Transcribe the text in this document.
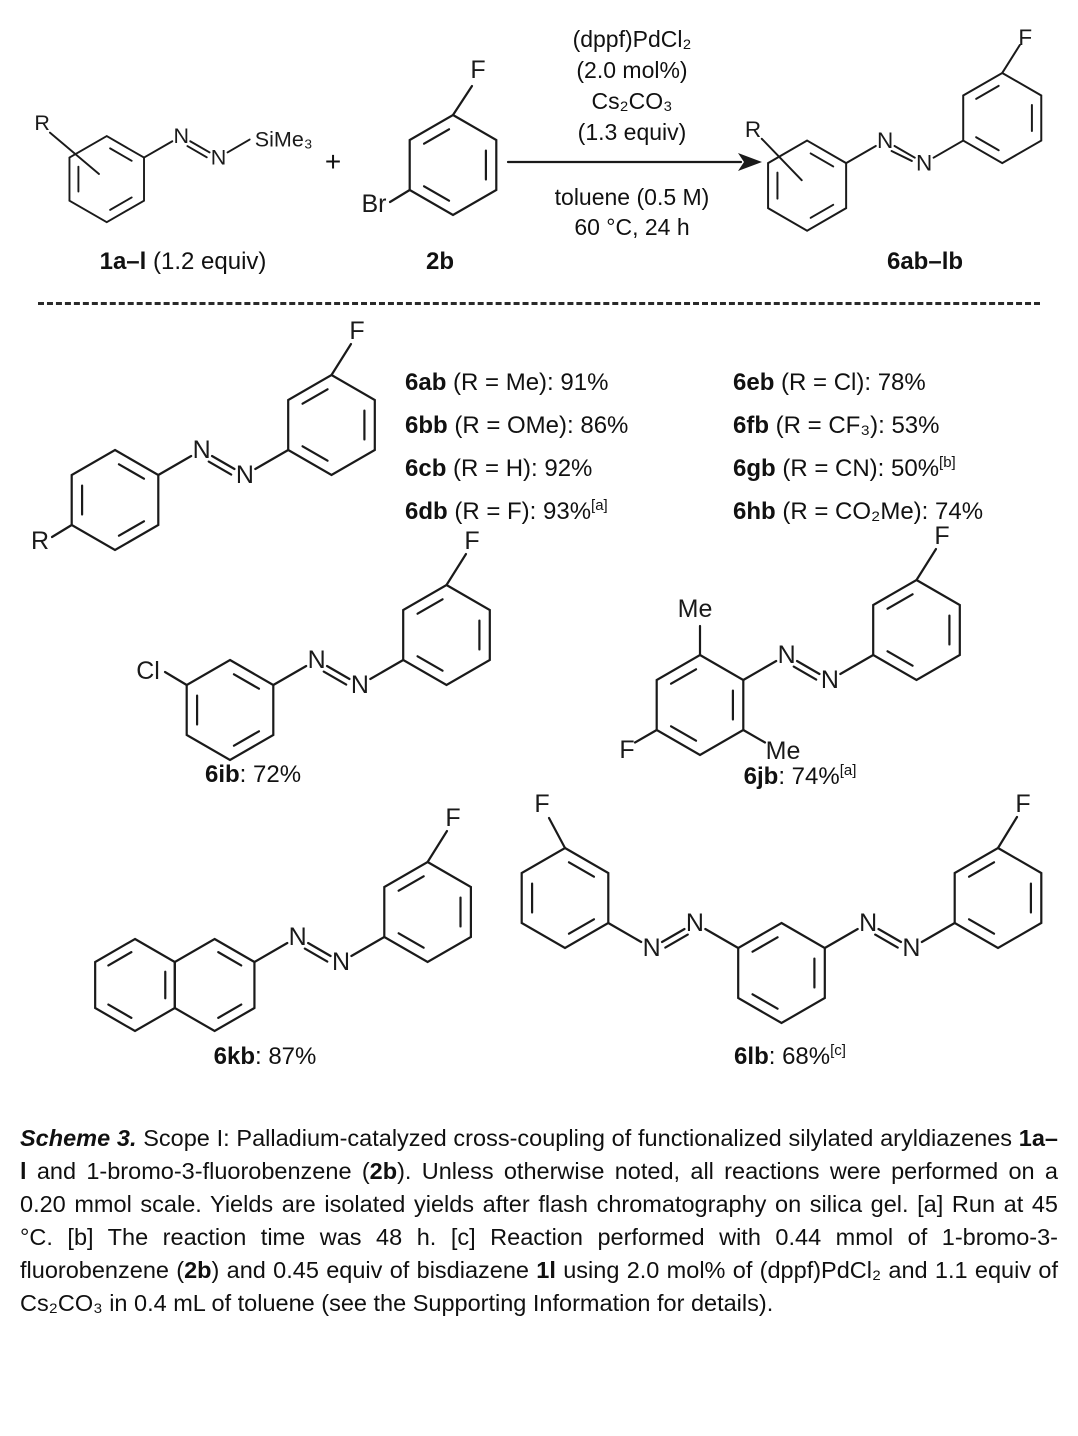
R
N
N
SiMe₃
1a–l (1.2 equiv)
+
F
Br
2b
(dppf)PdCl₂
(2.0 mol%)
Cs₂CO₃
(1.3 equiv)
toluene (0.5 M)
60 °C, 24 h
R	N
N
F
6ab–lb
R
N
N
F
6ab (R = Me): 91%
6bb (R = OMe): 86%
6cb (R = H): 92%
6db (R = F): 93%[a]
6eb (R = Cl): 78%
6fb (R = CF₃): 53%
6gb (R = CN): 50%[b]
6hb (R = CO₂Me): 74%
Cl	N
N
F
6ib: 72%
Me
Me
F
N
N
F
6jb: 74%[a]
N
N
F
6kb: 87%
F
N
N	N
N
F
6lb: 68%[c]

Scheme 3. Scope I: Palladium-catalyzed cross-coupling of functionalized silylated aryldiazenes 1a–l and 1-bromo-3-fluorobenzene (2b). Unless otherwise noted, all reactions were performed on a 0.20 mmol scale. Yields are isolated yields after flash chromatography on silica gel. [a] Run at 45 °C. [b] The reaction time was 48 h. [c] Reaction performed with 0.44 mmol of 1-bromo-3-fluorobenzene (2b) and 0.45 equiv of bisdiazene 1l using 2.0 mol% of (dppf)PdCl₂ and 1.1 equiv of Cs₂CO₃ in 0.4 mL of toluene (see the Supporting Information for details).
